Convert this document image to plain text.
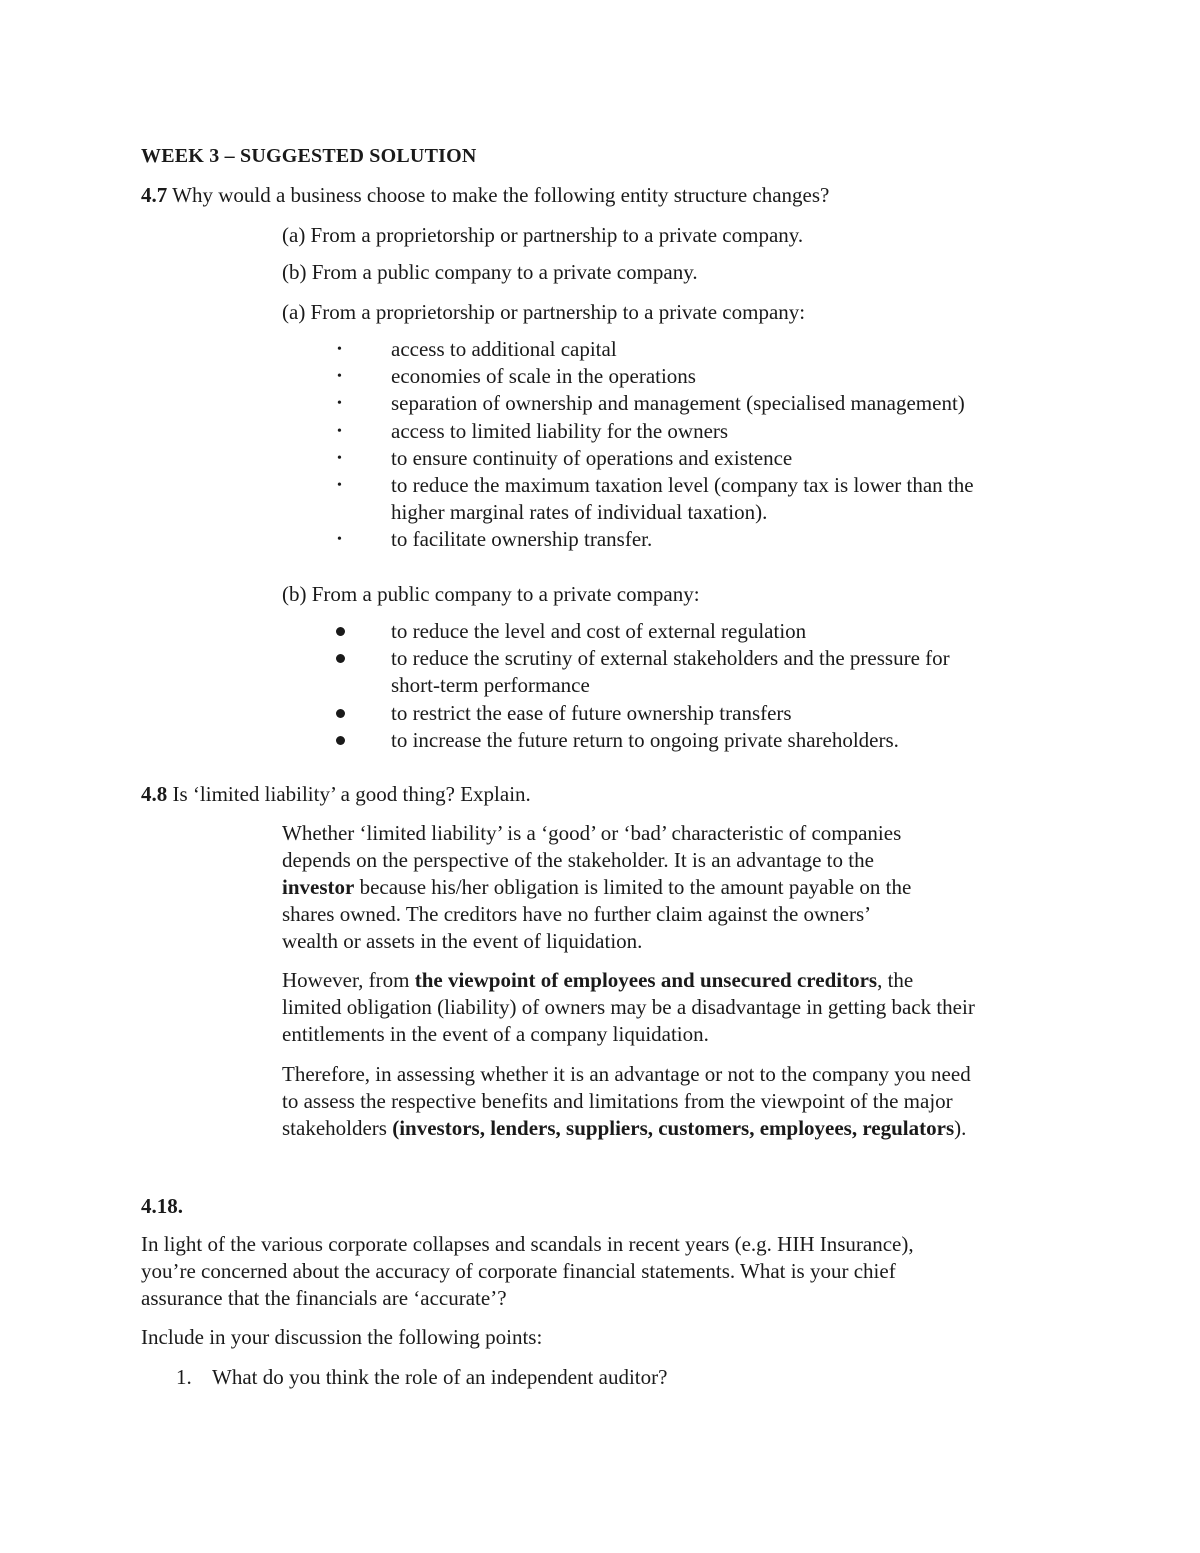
WEEK 3 – SUGGESTED SOLUTION
4.7 Why would a business choose to make the following entity structure changes?
(a) From a proprietorship or partnership to a private company.
(b) From a public company to a private company.
(a) From a proprietorship or partnership to a private company:
• access to additional capital
• economies of scale in the operations
• separation of ownership and management (specialised management)
• access to limited liability for the owners
• to ensure continuity of operations and existence
• to reduce the maximum taxation level (company tax is lower than the
higher marginal rates of individual taxation).
• to facilitate ownership transfer.
(b) From a public company to a private company:
to reduce the level and cost of external regulation
to reduce the scrutiny of external stakeholders and the pressure for
short-term performance
to restrict the ease of future ownership transfers
to increase the future return to ongoing private shareholders.
4.8 Is ‘limited liability’ a good thing? Explain.
Whether ‘limited liability’ is a ‘good’ or ‘bad’ characteristic of companies
depends on the perspective of the stakeholder. It is an advantage to the
investor because his/her obligation is limited to the amount payable on the
shares owned. The creditors have no further claim against the owners’
wealth or assets in the event of liquidation.
However, from the viewpoint of employees and unsecured creditors, the
limited obligation (liability) of owners may be a disadvantage in getting back their
entitlements in the event of a company liquidation.
Therefore, in assessing whether it is an advantage or not to the company you need
to assess the respective benefits and limitations from the viewpoint of the major
stakeholders (investors, lenders, suppliers, customers, employees, regulators).
4.18.
In light of the various corporate collapses and scandals in recent years (e.g. HIH Insurance),
you’re concerned about the accuracy of corporate financial statements. What is your chief
assurance that the financials are ‘accurate’?
Include in your discussion the following points:
1. What do you think the role of an independent auditor?
